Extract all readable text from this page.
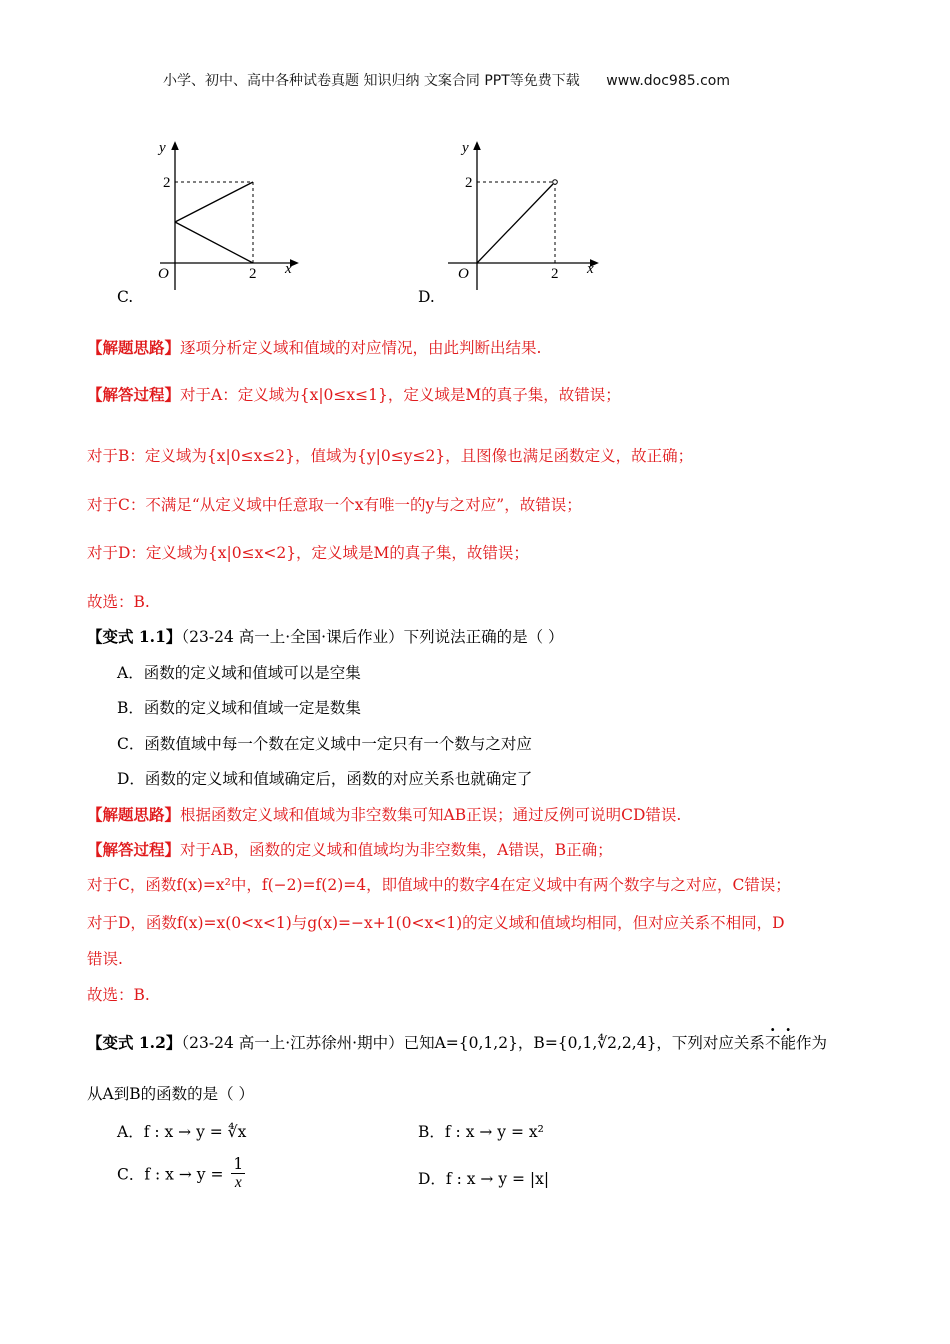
小学、初中、高中各种试卷真题 知识归纳 文案合同 PPT等免费下载 www.doc985.com
y
x
2
2
O
C.
y
x
2
2
O
D.
【解题思路】逐项分析定义域和值域的对应情况，由此判断出结果.
【解答过程】对于A：定义域为{x|0≤x≤1}，定义域是M的真子集，故错误；
对于B：定义域为{x|0≤x≤2}，值域为{y|0≤y≤2}，且图像也满足函数定义，故正确；
对于C：不满足“从定义域中任意取一个x有唯一的y与之对应”，故错误；
对于D：定义域为{x|0≤x<2}，定义域是M的真子集，故错误；
故选：B.
【变式 1.1】（23-24 高一上·全国·课后作业）下列说法正确的是（ ）
A．函数的定义域和值域可以是空集
B．函数的定义域和值域一定是数集
C．函数值域中每一个数在定义域中一定只有一个数与之对应
D．函数的定义域和值域确定后，函数的对应关系也就确定了
【解题思路】根据函数定义域和值域为非空数集可知AB正误；通过反例可说明CD错误.
【解答过程】对于AB，函数的定义域和值域均为非空数集，A错误，B正确；
对于C，函数f(x)=x²中，f(−2)=f(2)=4，即值域中的数字4在定义域中有两个数字与之对应，C错误；
对于D，函数f(x)=x(0<x<1)与g(x)=−x+1(0<x<1)的定义域和值域均相同，但对应关系不相同，D
错误.
故选：B.
【变式 1.2】（23-24 高一上·江苏徐州·期中）已知A={0,1,2}，B={0,1,∜2,2,4}，下列对应关系不能作为
从A到B的函数的是（ ）
A．f : x → y = ∜x	B．f : x → y = x²
C．f : $x \to y = \frac{1}{x}$	D．f : x → y = |x|
